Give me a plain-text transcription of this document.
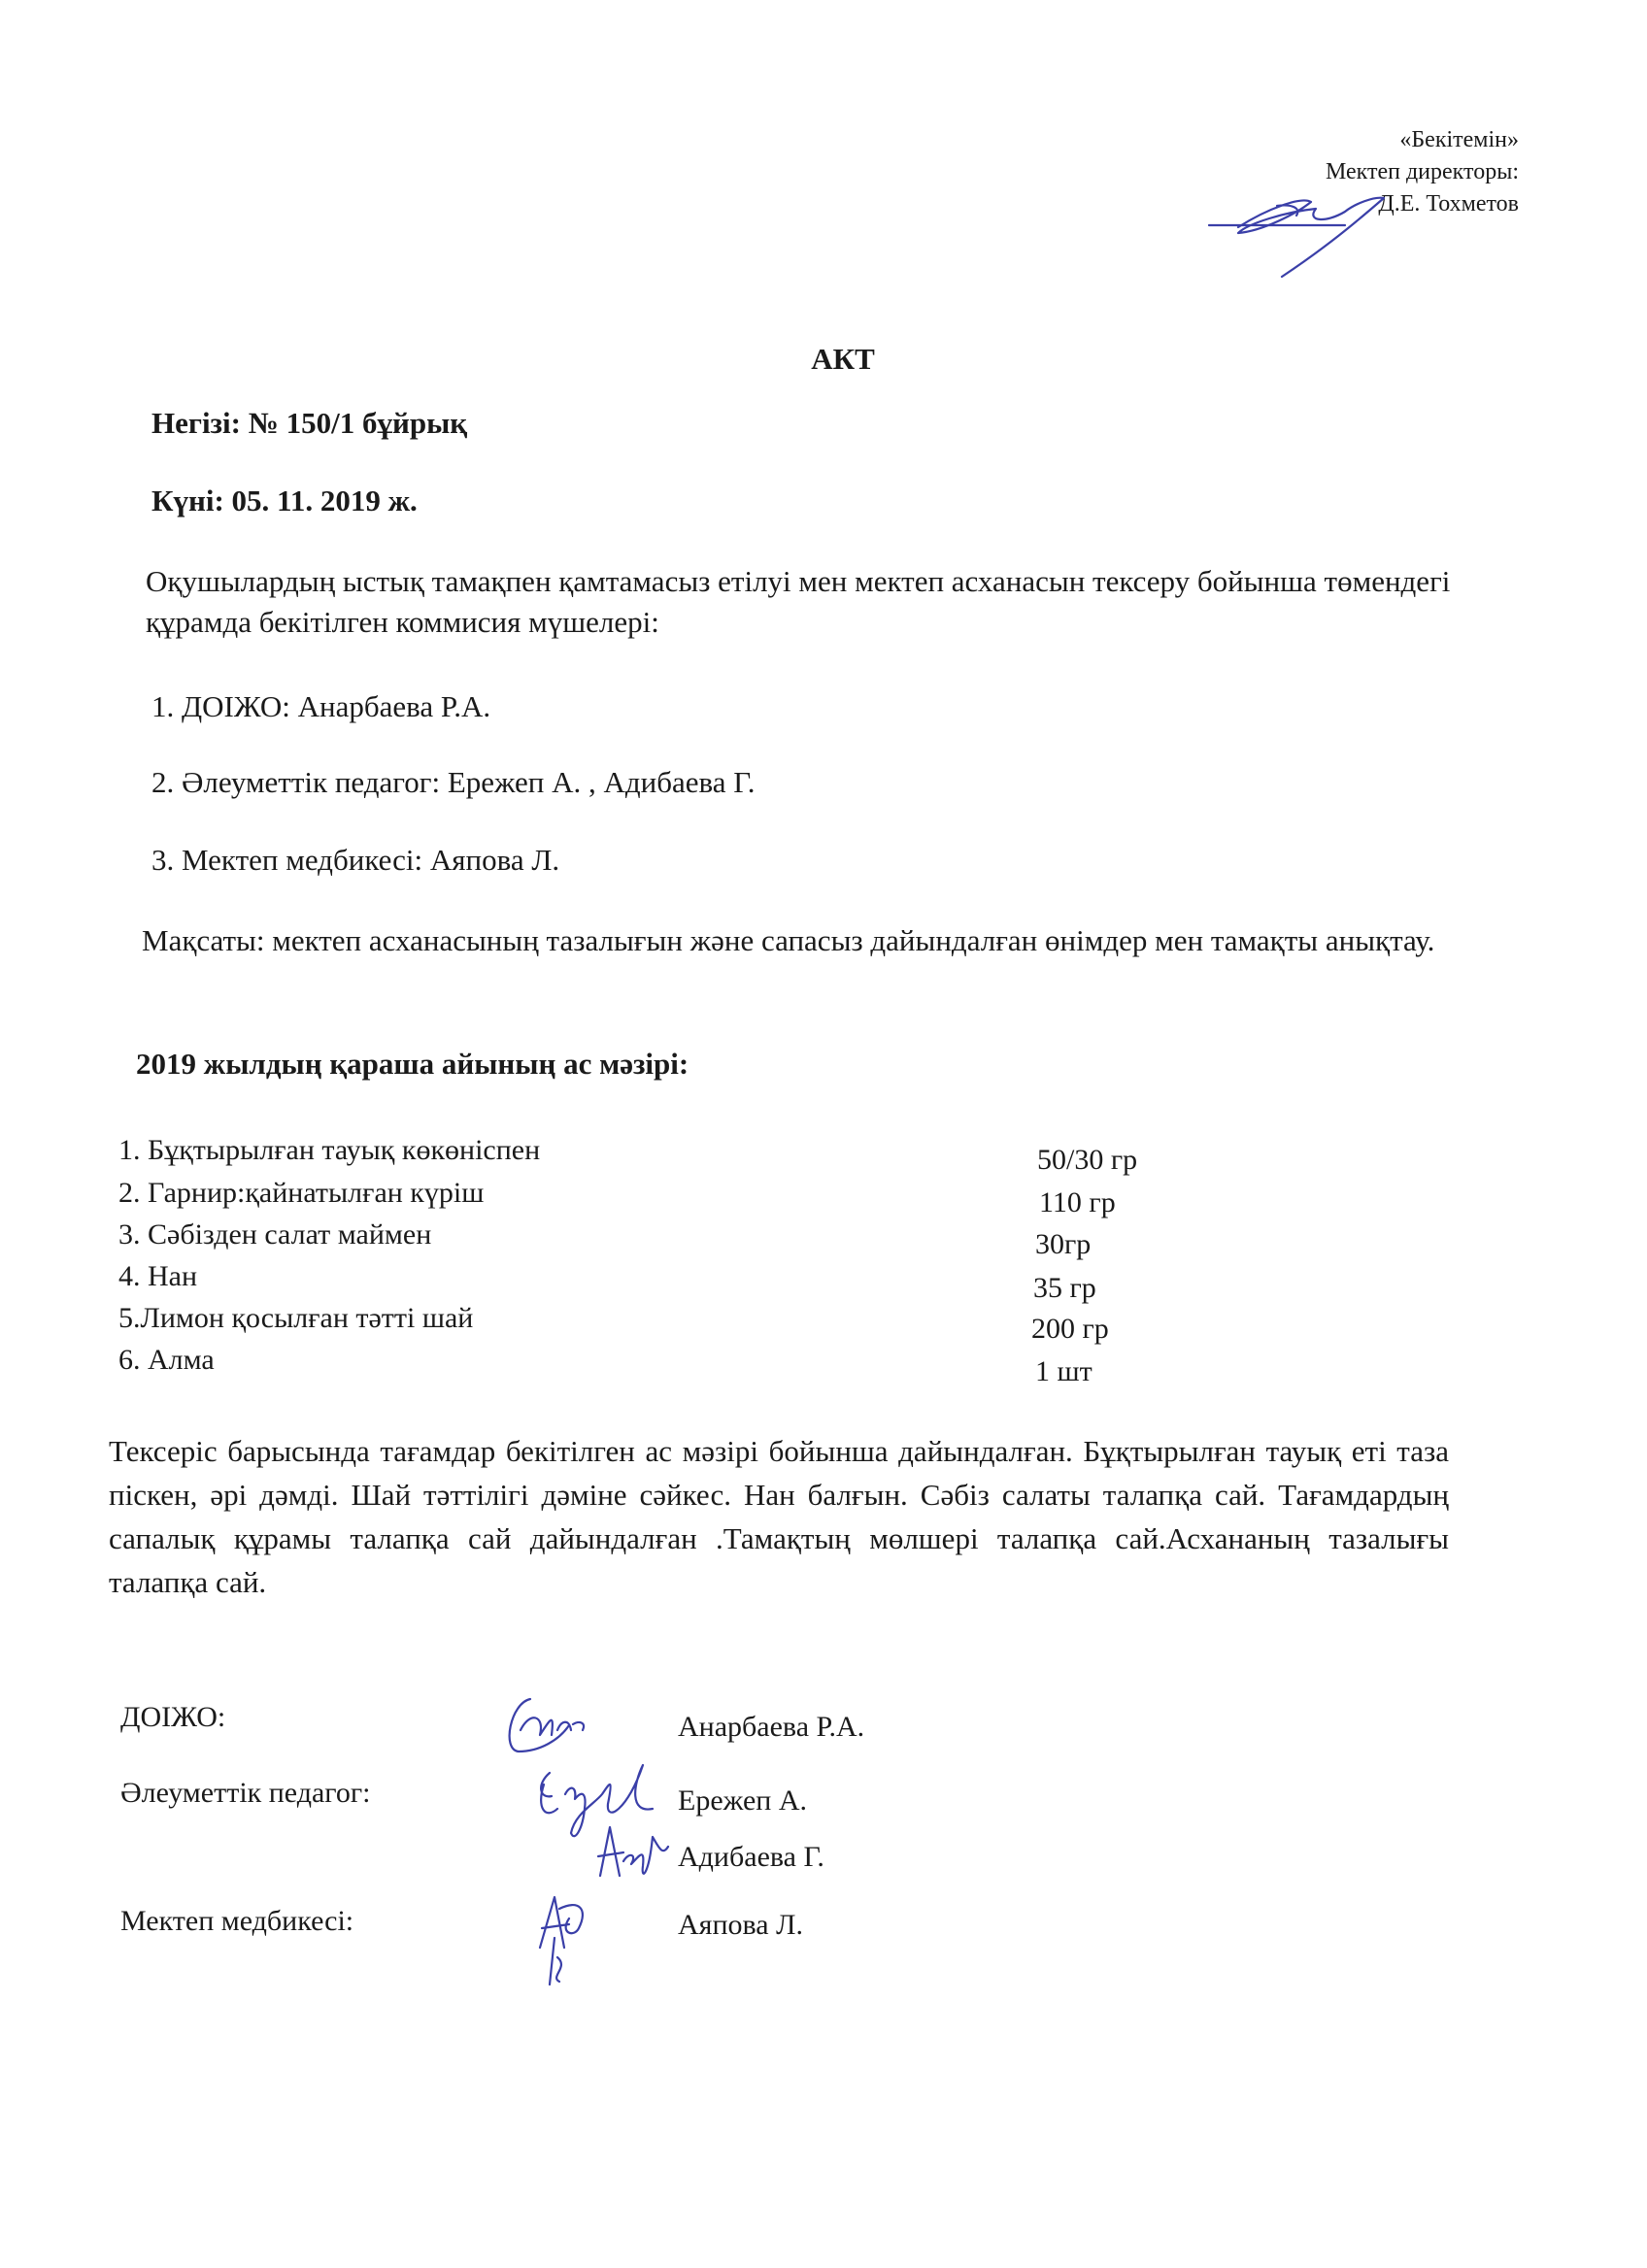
«Бекітемін»
Мектеп директоры:
Д.Е. Тохметов
АКТ
Негізі: № 150/1 бұйрық
Күні: 05. 11. 2019 ж.
Оқушылардың ыстық тамақпен қамтамасыз етілуі мен мектеп асханасын тексеру бойынша төмендегі құрамда бекітілген коммисия мүшелері:
1. ДОІЖО: Анарбаева Р.А.
2. Әлеуметтік педагог: Ережеп А. , Адибаева Г.
3. Мектеп медбикесі: Аяпова Л.
Мақсаты: мектеп асханасының тазалығын және сапасыз дайындалған өнімдер мен тамақты анықтау.
2019 жылдың қараша айының ас мәзірі:
1. Бұқтырылған тауық көкөніспен	50/30 гр
2. Гарнир:қайнатылған күріш	110 гр
3. Сәбізден салат маймен	30гр
4. Нан	35 гр
5.Лимон қосылған тәтті шай	200 гр
6. Алма	1 шт
Тексеріс барысында тағамдар бекітілген ас мәзірі бойынша дайындалған. Бұқтырылған тауық еті таза піскен, әрі дәмді. Шай тәттілігі дәміне сәйкес. Нан балғын. Сәбіз салаты талапқа сай. Тағамдардың сапалық құрамы талапқа сай дайындалған .Тамақтың мөлшері талапқа сай.Асхананың тазалығы талапқа сай.
ДОІЖО:	Анарбаева Р.А.
Әлеуметтік педагог:	Ережеп А.
Адибаева Г.
Мектеп медбикесі:	Аяпова Л.
